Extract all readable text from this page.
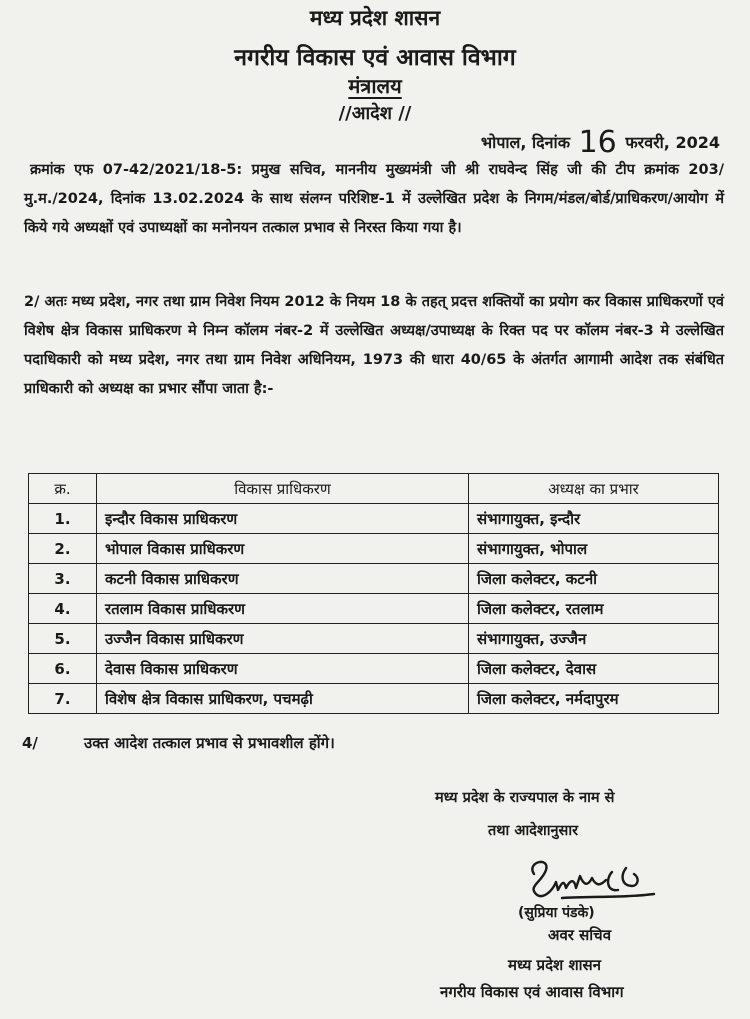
मध्य प्रदेश शासन
नगरीय विकास एवं आवास विभाग
मंत्रालय
//आदेश //
भोपाल, दिनांक 16 फरवरी, 2024
क्रमांक एफ 07-42/2021/18-5: प्रमुख सचिव, माननीय मुख्यमंत्री जी श्री राघवेन्द सिंह जी की टीप क्रमांक 203/मु.म./2024, दिनांक 13.02.2024 के साथ संलग्न परिशिष्ट-1 में उल्लेखित प्रदेश के निगम/मंडल/बोर्ड/प्राधिकरण/आयोग में किये गये अध्यक्षों एवं उपाध्यक्षों का मनोनयन तत्काल प्रभाव से निरस्त किया गया है।
2/ अतः मध्य प्रदेश, नगर तथा ग्राम निवेश नियम 2012 के नियम 18 के तहत् प्रदत्त शक्तियों का प्रयोग कर विकास प्राधिकरणों एवं विशेष क्षेत्र विकास प्राधिकरण मे निम्न कॉलम नंबर-2 में उल्लेखित अध्यक्ष/उपाध्यक्ष के रिक्त पद पर कॉलम नंबर-3 मे उल्लेखित पदाधिकारी को मध्य प्रदेश, नगर तथा ग्राम निवेश अधिनियम, 1973 की धारा 40/65 के अंतर्गत आगामी आदेश तक संबंधित प्राधिकारी को अध्यक्ष का प्रभार सौंपा जाता है:-
क्र.	विकास प्राधिकरण	अध्यक्ष का प्रभार
1.	इन्दौर विकास प्राधिकरण	संभागायुक्त, इन्दौर
2.	भोपाल विकास प्राधिकरण	संभागायुक्त, भोपाल
3.	कटनी विकास प्राधिकरण	जिला कलेक्टर, कटनी
4.	रतलाम विकास प्राधिकरण	जिला कलेक्टर, रतलाम
5.	उज्जैन विकास प्राधिकरण	संभागायुक्त, उज्जैन
6.	देवास विकास प्राधिकरण	जिला कलेक्टर, देवास
7.	विशेष क्षेत्र विकास प्राधिकरण, पचमढ़ी	जिला कलेक्टर, नर्मदापुरम
4/	उक्त आदेश तत्काल प्रभाव से प्रभावशील होंगे।
मध्य प्रदेश के राज्यपाल के नाम से
तथा आदेशानुसार
(सुप्रिया पंडके)
अवर सचिव
मध्य प्रदेश शासन
नगरीय विकास एवं आवास विभाग
